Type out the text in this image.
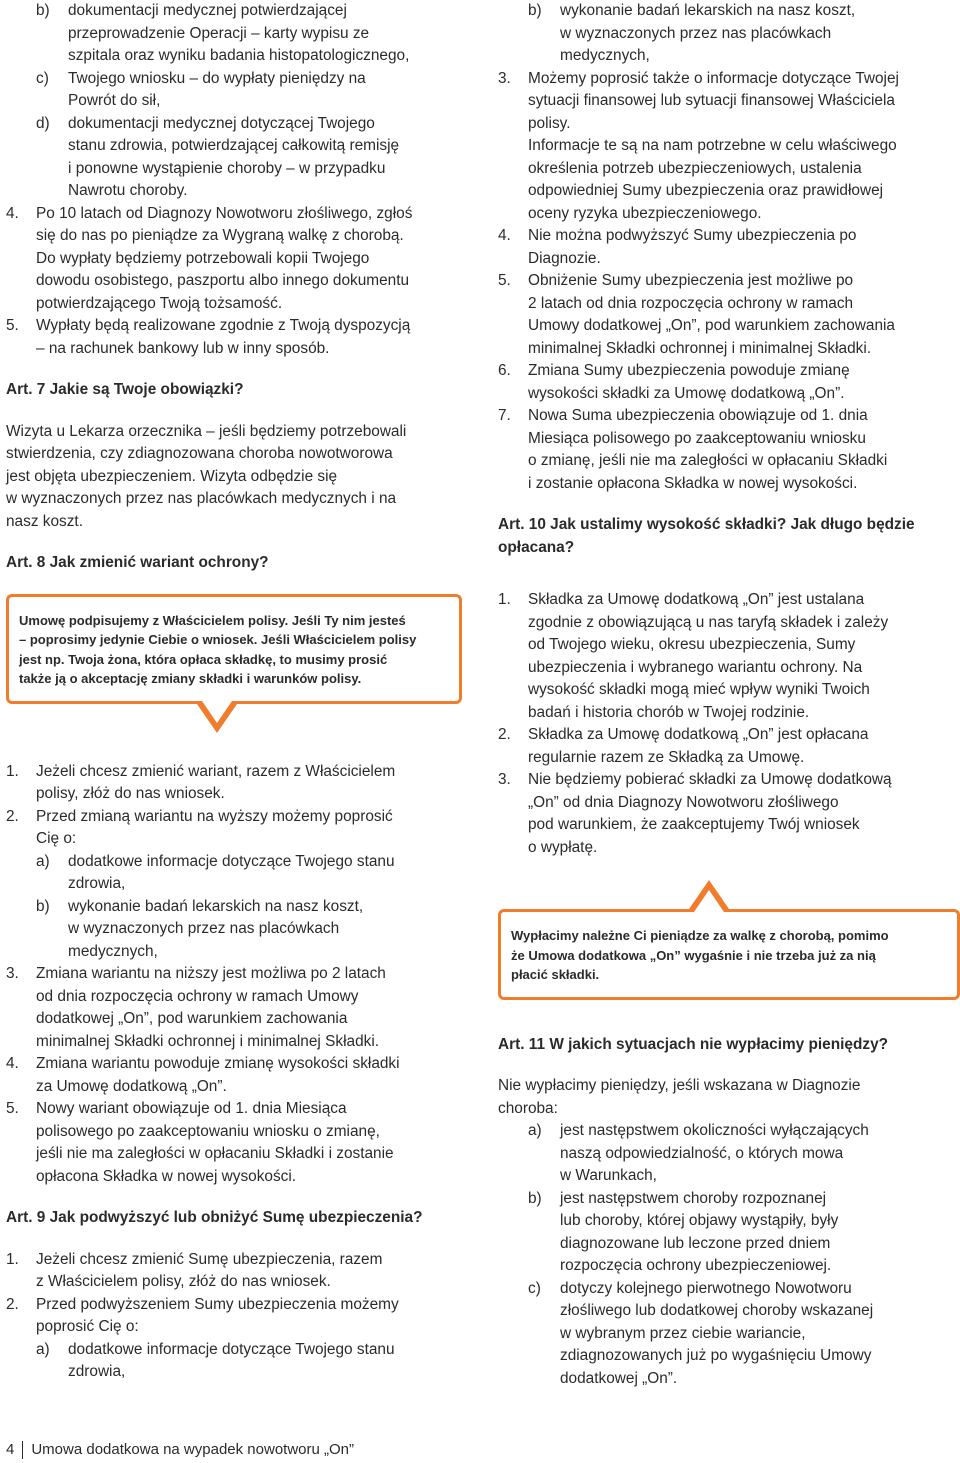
b)	dokumentacji medycznej potwierdzającej
przeprowadzenie Operacji – karty wypisu ze
szpitala oraz wyniku badania histopatologicznego,
c)	Twojego wniosku – do wypłaty pieniędzy na
Powrót do sił,
d)	dokumentacji medycznej dotyczącej Twojego
stanu zdrowia, potwierdzającej całkowitą remisję
i ponowne wystąpienie choroby – w przypadku
Nawrotu choroby.
4.	Po 10 latach od Diagnozy Nowotworu złośliwego, zgłoś
się do nas po pieniądze za Wygraną walkę z chorobą.
Do wypłaty będziemy potrzebowali kopii Twojego
dowodu osobistego, paszportu albo innego dokumentu
potwierdzającego Twoją tożsamość.
5.	Wypłaty będą realizowane zgodnie z Twoją dyspozycją
– na rachunek bankowy lub w inny sposób.
Art. 7 Jakie są Twoje obowiązki?
Wizyta u Lekarza orzecznika – jeśli będziemy potrzebowali
stwierdzenia, czy zdiagnozowana choroba nowotworowa
jest objęta ubezpieczeniem. Wizyta odbędzie się
w wyznaczonych przez nas placówkach medycznych i na
nasz koszt.
Art. 8 Jak zmienić wariant ochrony?
Umowę podpisujemy z Właścicielem polisy. Jeśli Ty nim jesteś
– poprosimy jedynie Ciebie o wniosek. Jeśli Właścicielem polisy
jest np. Twoja żona, która opłaca składkę, to musimy prosić
także ją o akceptację zmiany składki i warunków polisy.
1.	Jeżeli chcesz zmienić wariant, razem z Właścicielem
polisy, złóż do nas wniosek.
2.	Przed zmianą wariantu na wyższy możemy poprosić
Cię o:
a)	dodatkowe informacje dotyczące Twojego stanu
zdrowia,
b)	wykonanie badań lekarskich na nasz koszt,
w wyznaczonych przez nas placówkach
medycznych,
3.	Zmiana wariantu na niższy jest możliwa po 2 latach
od dnia rozpoczęcia ochrony w ramach Umowy
dodatkowej „On”, pod warunkiem zachowania
minimalnej Składki ochronnej i minimalnej Składki.
4.	Zmiana wariantu powoduje zmianę wysokości składki
za Umowę dodatkową „On”.
5.	Nowy wariant obowiązuje od 1. dnia Miesiąca
polisowego po zaakceptowaniu wniosku o zmianę,
jeśli nie ma zaległości w opłacaniu Składki i zostanie
opłacona Składka w nowej wysokości.
Art. 9 Jak podwyższyć lub obniżyć Sumę ubezpieczenia?
1.	Jeżeli chcesz zmienić Sumę ubezpieczenia, razem
z Właścicielem polisy, złóż do nas wniosek.
2.	Przed podwyższeniem Sumy ubezpieczenia możemy
poprosić Cię o:
a)	dodatkowe informacje dotyczące Twojego stanu
zdrowia,
b)	wykonanie badań lekarskich na nasz koszt,
w wyznaczonych przez nas placówkach
medycznych,
3.	Możemy poprosić także o informacje dotyczące Twojej
sytuacji finansowej lub sytuacji finansowej Właściciela
polisy.
Informacje te są na nam potrzebne w celu właściwego
określenia potrzeb ubezpieczeniowych, ustalenia
odpowiedniej Sumy ubezpieczenia oraz prawidłowej
oceny ryzyka ubezpieczeniowego.
4.	Nie można podwyższyć Sumy ubezpieczenia po
Diagnozie.
5.	Obniżenie Sumy ubezpieczenia jest możliwe po
2 latach od dnia rozpoczęcia ochrony w ramach
Umowy dodatkowej „On”, pod warunkiem zachowania
minimalnej Składki ochronnej i minimalnej Składki.
6.	Zmiana Sumy ubezpieczenia powoduje zmianę
wysokości składki za Umowę dodatkową „On”.
7.	Nowa Suma ubezpieczenia obowiązuje od 1. dnia
Miesiąca polisowego po zaakceptowaniu wniosku
o zmianę, jeśli nie ma zaległości w opłacaniu Składki
i zostanie opłacona Składka w nowej wysokości.
Art. 10 Jak ustalimy wysokość składki? Jak długo będzie
opłacana?
1.	Składka za Umowę dodatkową „On” jest ustalana
zgodnie z obowiązującą u nas taryfą składek i zależy
od Twojego wieku, okresu ubezpieczenia, Sumy
ubezpieczenia i wybranego wariantu ochrony. Na
wysokość składki mogą mieć wpływ wyniki Twoich
badań i historia chorób w Twojej rodzinie.
2.	Składka za Umowę dodatkową „On” jest opłacana
regularnie razem ze Składką za Umowę.
3.	Nie będziemy pobierać składki za Umowę dodatkową
„On” od dnia Diagnozy Nowotworu złośliwego
pod warunkiem, że zaakceptujemy Twój wniosek
o wypłatę.
Wypłacimy należne Ci pieniądze za walkę z chorobą, pomimo
że Umowa dodatkowa „On” wygaśnie i nie trzeba już za nią
płacić składki.
Art. 11 W jakich sytuacjach nie wypłacimy pieniędzy?
Nie wypłacimy pieniędzy, jeśli wskazana w Diagnozie
choroba:
a)	jest następstwem okoliczności wyłączających
naszą odpowiedzialność, o których mowa
w Warunkach,
b)	jest następstwem choroby rozpoznanej
lub choroby, której objawy wystąpiły, były
diagnozowane lub leczone przed dniem
rozpoczęcia ochrony ubezpieczeniowej.
c)	dotyczy kolejnego pierwotnego Nowotworu
złośliwego lub dodatkowej choroby wskazanej
w wybranym przez ciebie wariancie,
zdiagnozowanych już po wygaśnięciu Umowy
dodatkowej „On”.
4 Umowa dodatkowa na wypadek nowotworu „On”
